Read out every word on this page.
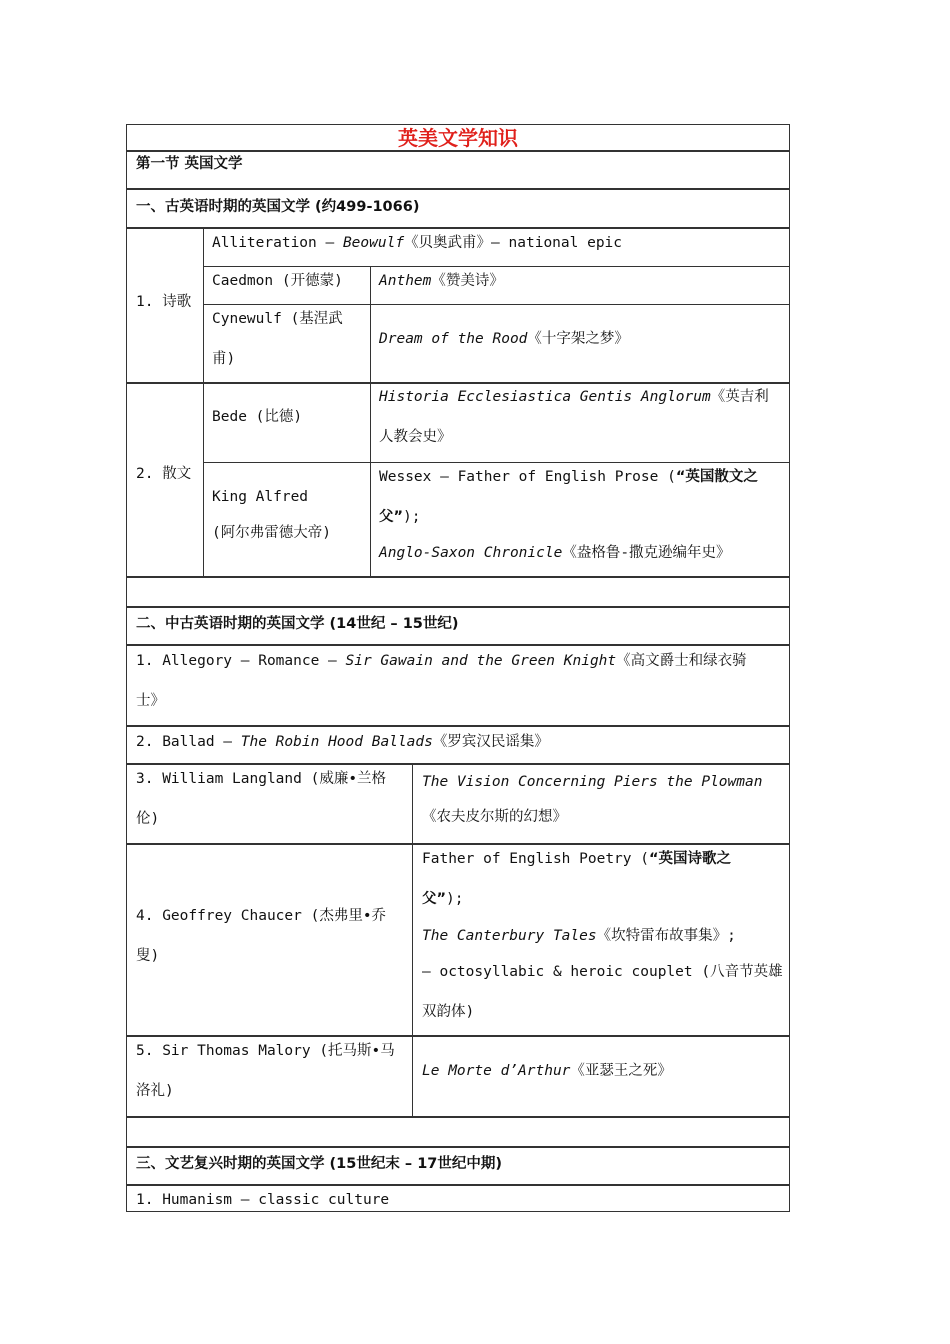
英美文学知识
第一节 英国文学
一、古英语时期的英国文学 (约499-1066)
1. 诗歌
Alliteration – Beowulf《贝奥武甫》– national epic
Caedmon (开德蒙) Anthem《赞美诗》
Cynewulf (基涅武
甫)
Dream of the Rood《十字架之梦》
2. 散文
Bede (比德)
Historia Ecclesiastica Gentis Anglorum《英吉利
人教会史》
King Alfred
(阿尔弗雷德大帝)
Wessex – Father of English Prose (“英国散文之
父”);
Anglo-Saxon Chronicle《盎格鲁-撒克逊编年史》
二、中古英语时期的英国文学 (14世纪 – 15世纪)
1. Allegory – Romance – Sir Gawain and the Green Knight《高文爵士和绿衣骑
士》
2. Ballad – The Robin Hood Ballads《罗宾汉民谣集》
3. William Langland (威廉•兰格
伦)
The Vision Concerning Piers the Plowman
《农夫皮尔斯的幻想》
4. Geoffrey Chaucer (杰弗里•乔
叟)
Father of English Poetry (“英国诗歌之
父”);
The Canterbury Tales《坎特雷布故事集》;
– octosyllabic & heroic couplet (八音节英雄
双韵体)
5. Sir Thomas Malory (托马斯•马
洛礼)
Le Morte d’Arthur《亚瑟王之死》
三、文艺复兴时期的英国文学 (15世纪末 – 17世纪中期)
1. Humanism – classic culture
